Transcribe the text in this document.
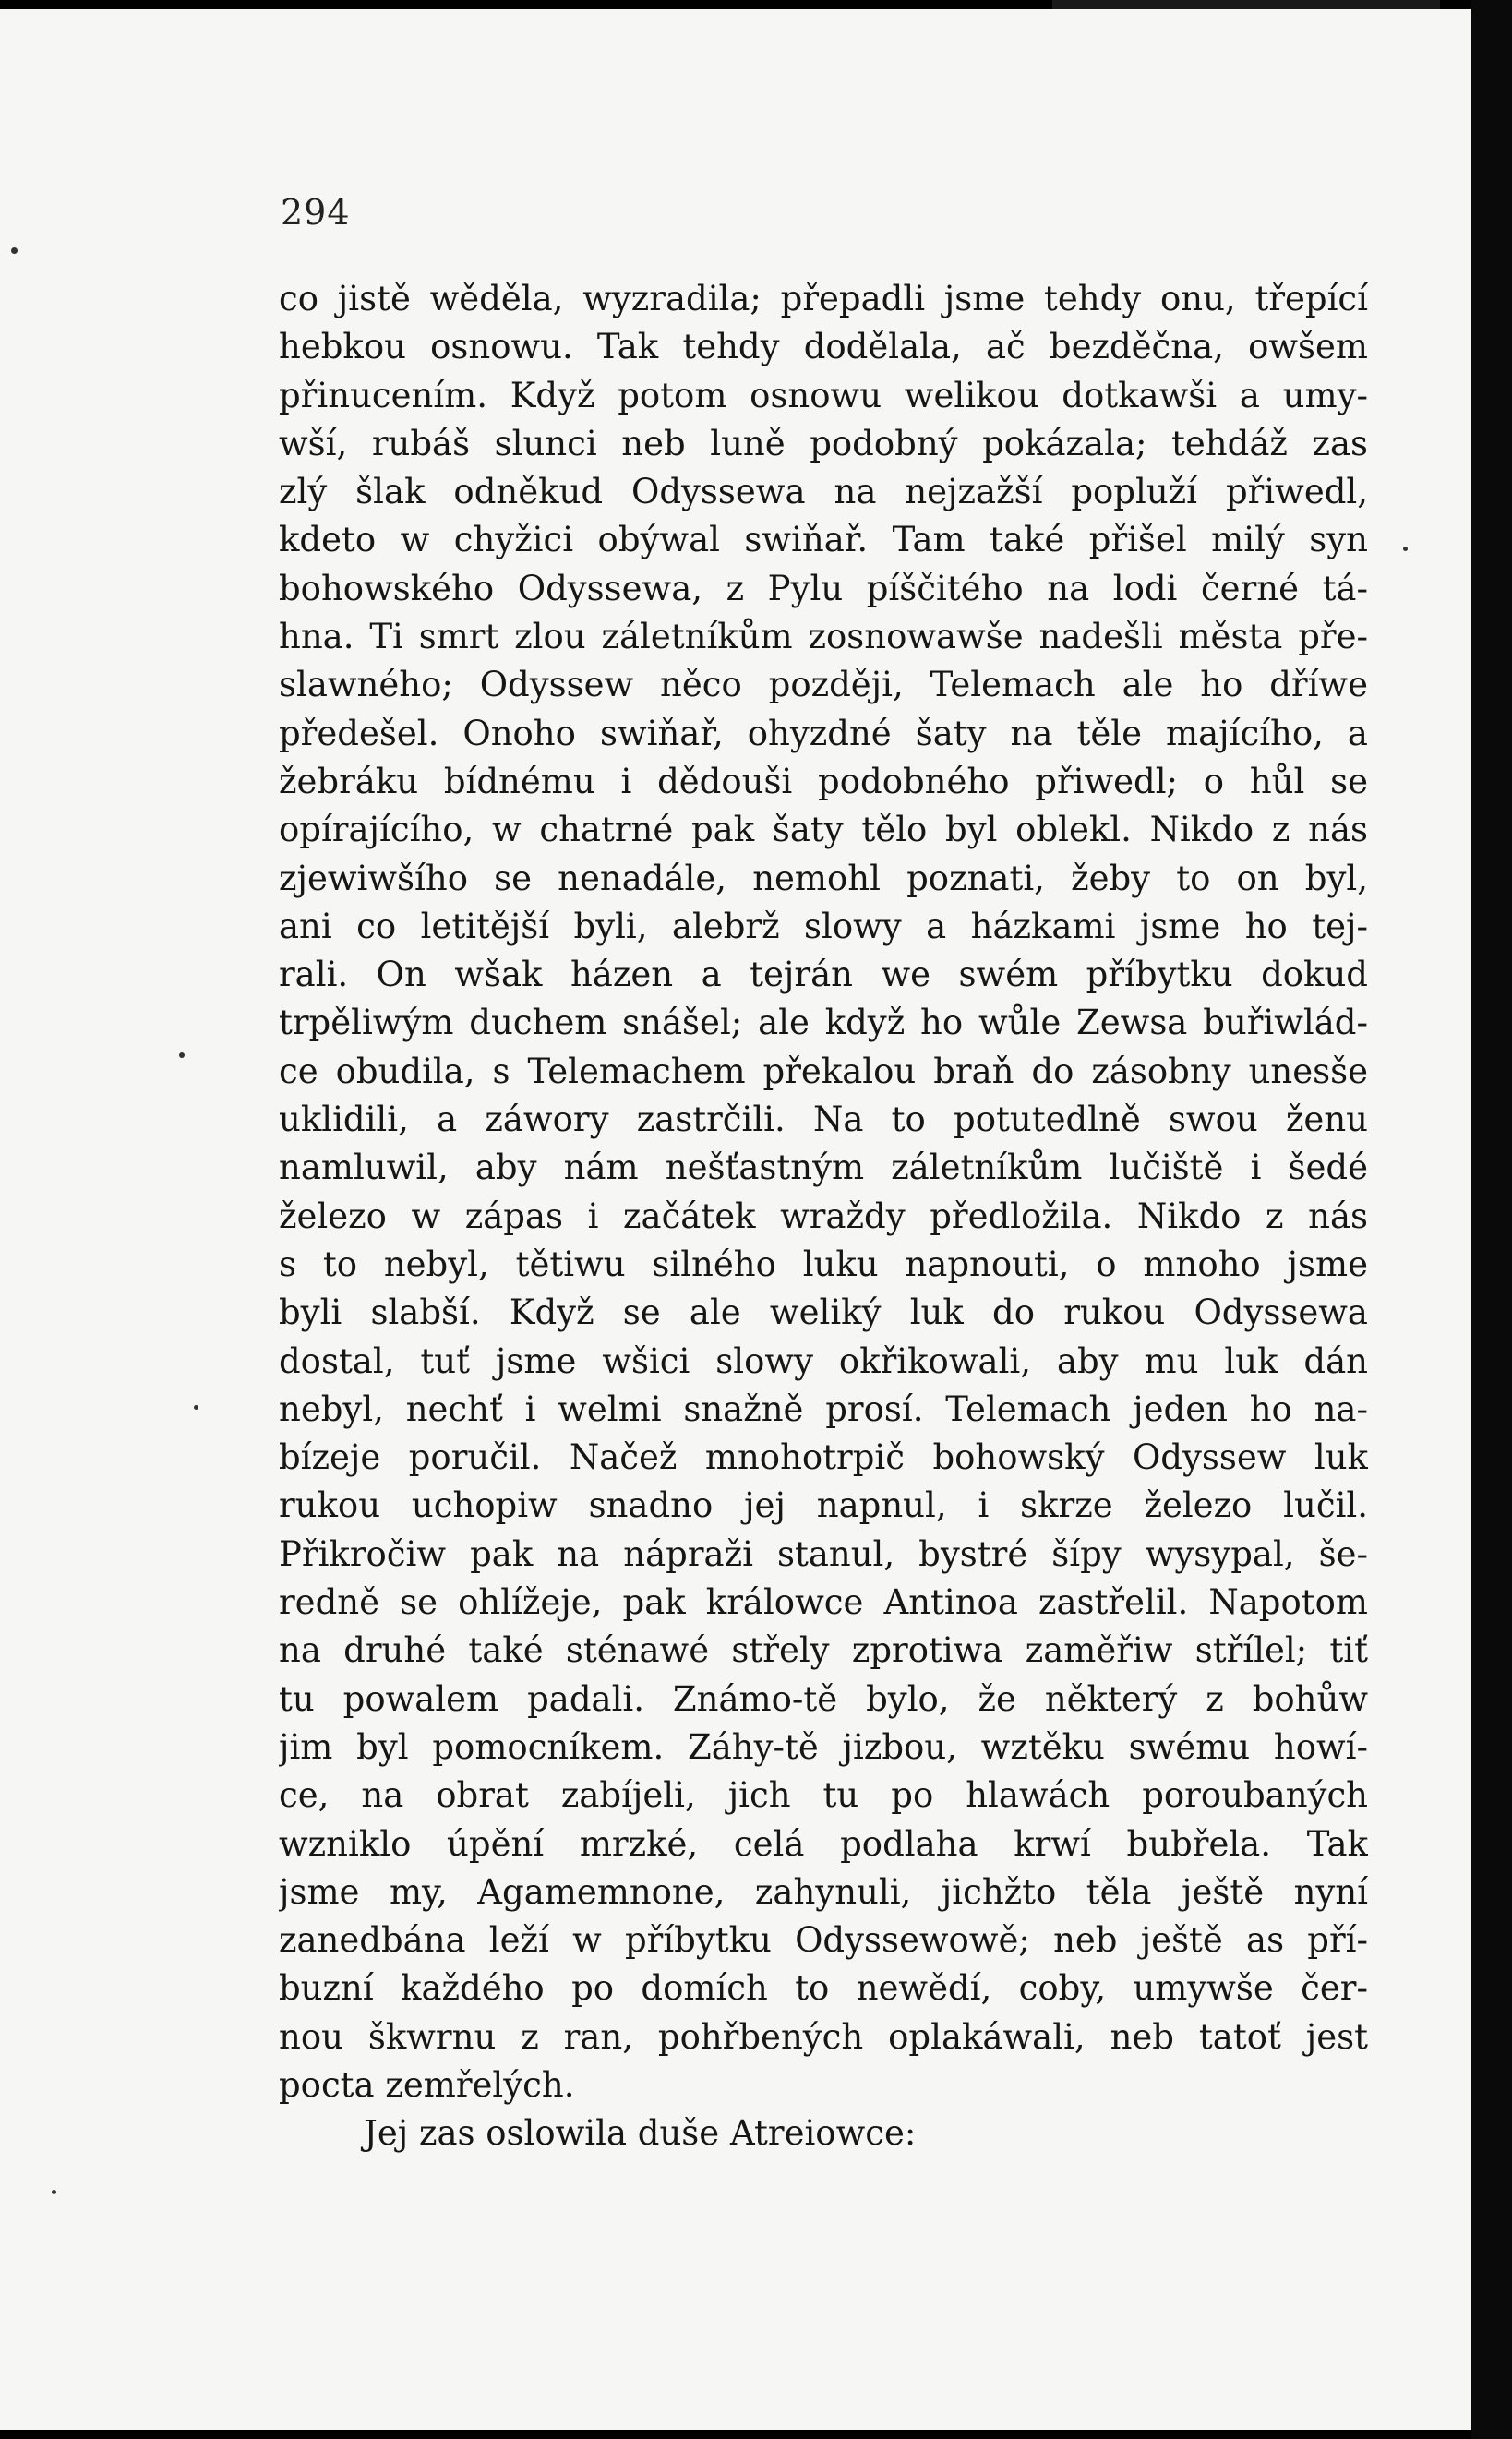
294
co jistě wěděla, wyzradila; přepadli jsme tehdy onu, třepící
hebkou osnowu. Tak tehdy dodělala, ač bezděčna, owšem
přinucením. Když potom osnowu welikou dotkawši a umy-
wší, rubáš slunci neb luně podobný pokázala; tehdáž zas
zlý šlak odněkud Odyssewa na nejzažší popluží přiwedl,
kdeto w chyžici obýwal swiňař. Tam také přišel milý syn
bohowského Odyssewa, z Pylu píščitého na lodi černé tá-
hna. Ti smrt zlou záletníkům zosnowawše nadešli města pře-
slawného; Odyssew něco později, Telemach ale ho dříwe
předešel. Onoho swiňař, ohyzdné šaty na těle majícího, a
žebráku bídnému i dědouši podobného přiwedl; o hůl se
opírajícího, w chatrné pak šaty tělo byl oblekl. Nikdo z nás
zjewiwšího se nenadále, nemohl poznati, žeby to on byl,
ani co letitější byli, alebrž slowy a házkami jsme ho tej-
rali. On wšak házen a tejrán we swém příbytku dokud
trpěliwým duchem snášel; ale když ho wůle Zewsa buřiwlád-
ce obudila, s Telemachem překalou braň do zásobny unesše
uklidili, a záwory zastrčili. Na to potutedlně swou ženu
namluwil, aby nám nešťastným záletníkům lučiště i šedé
železo w zápas i začátek wraždy předložila. Nikdo z nás
s to nebyl, tětiwu silného luku napnouti, o mnoho jsme
byli slabší. Když se ale weliký luk do rukou Odyssewa
dostal, tuť jsme wšici slowy okřikowali, aby mu luk dán
nebyl, nechť i welmi snažně prosí. Telemach jeden ho na-
bízeje poručil. Načež mnohotrpič bohowský Odyssew luk
rukou uchopiw snadno jej napnul, i skrze železo lučil.
Přikročiw pak na nápraži stanul, bystré šípy wysypal, še-
redně se ohlížeje, pak králowce Antinoa zastřelil. Napotom
na druhé také sténawé střely zprotiwa zaměřiw střílel; tiť
tu powalem padali. Známo-tě bylo, že některý z bohůw
jim byl pomocníkem. Záhy-tě jizbou, wztěku swému howí-
ce, na obrat zabíjeli, jich tu po hlawách poroubaných
wzniklo úpění mrzké, celá podlaha krwí bubřela. Tak
jsme my, Agamemnone, zahynuli, jichžto těla ještě nyní
zanedbána leží w příbytku Odyssewowě; neb ještě as pří-
buzní každého po domích to newědí, coby, umywše čer-
nou škwrnu z ran, pohřbených oplakáwali, neb tatoť jest
pocta zemřelých.
Jej zas oslowila duše Atreiowce:
